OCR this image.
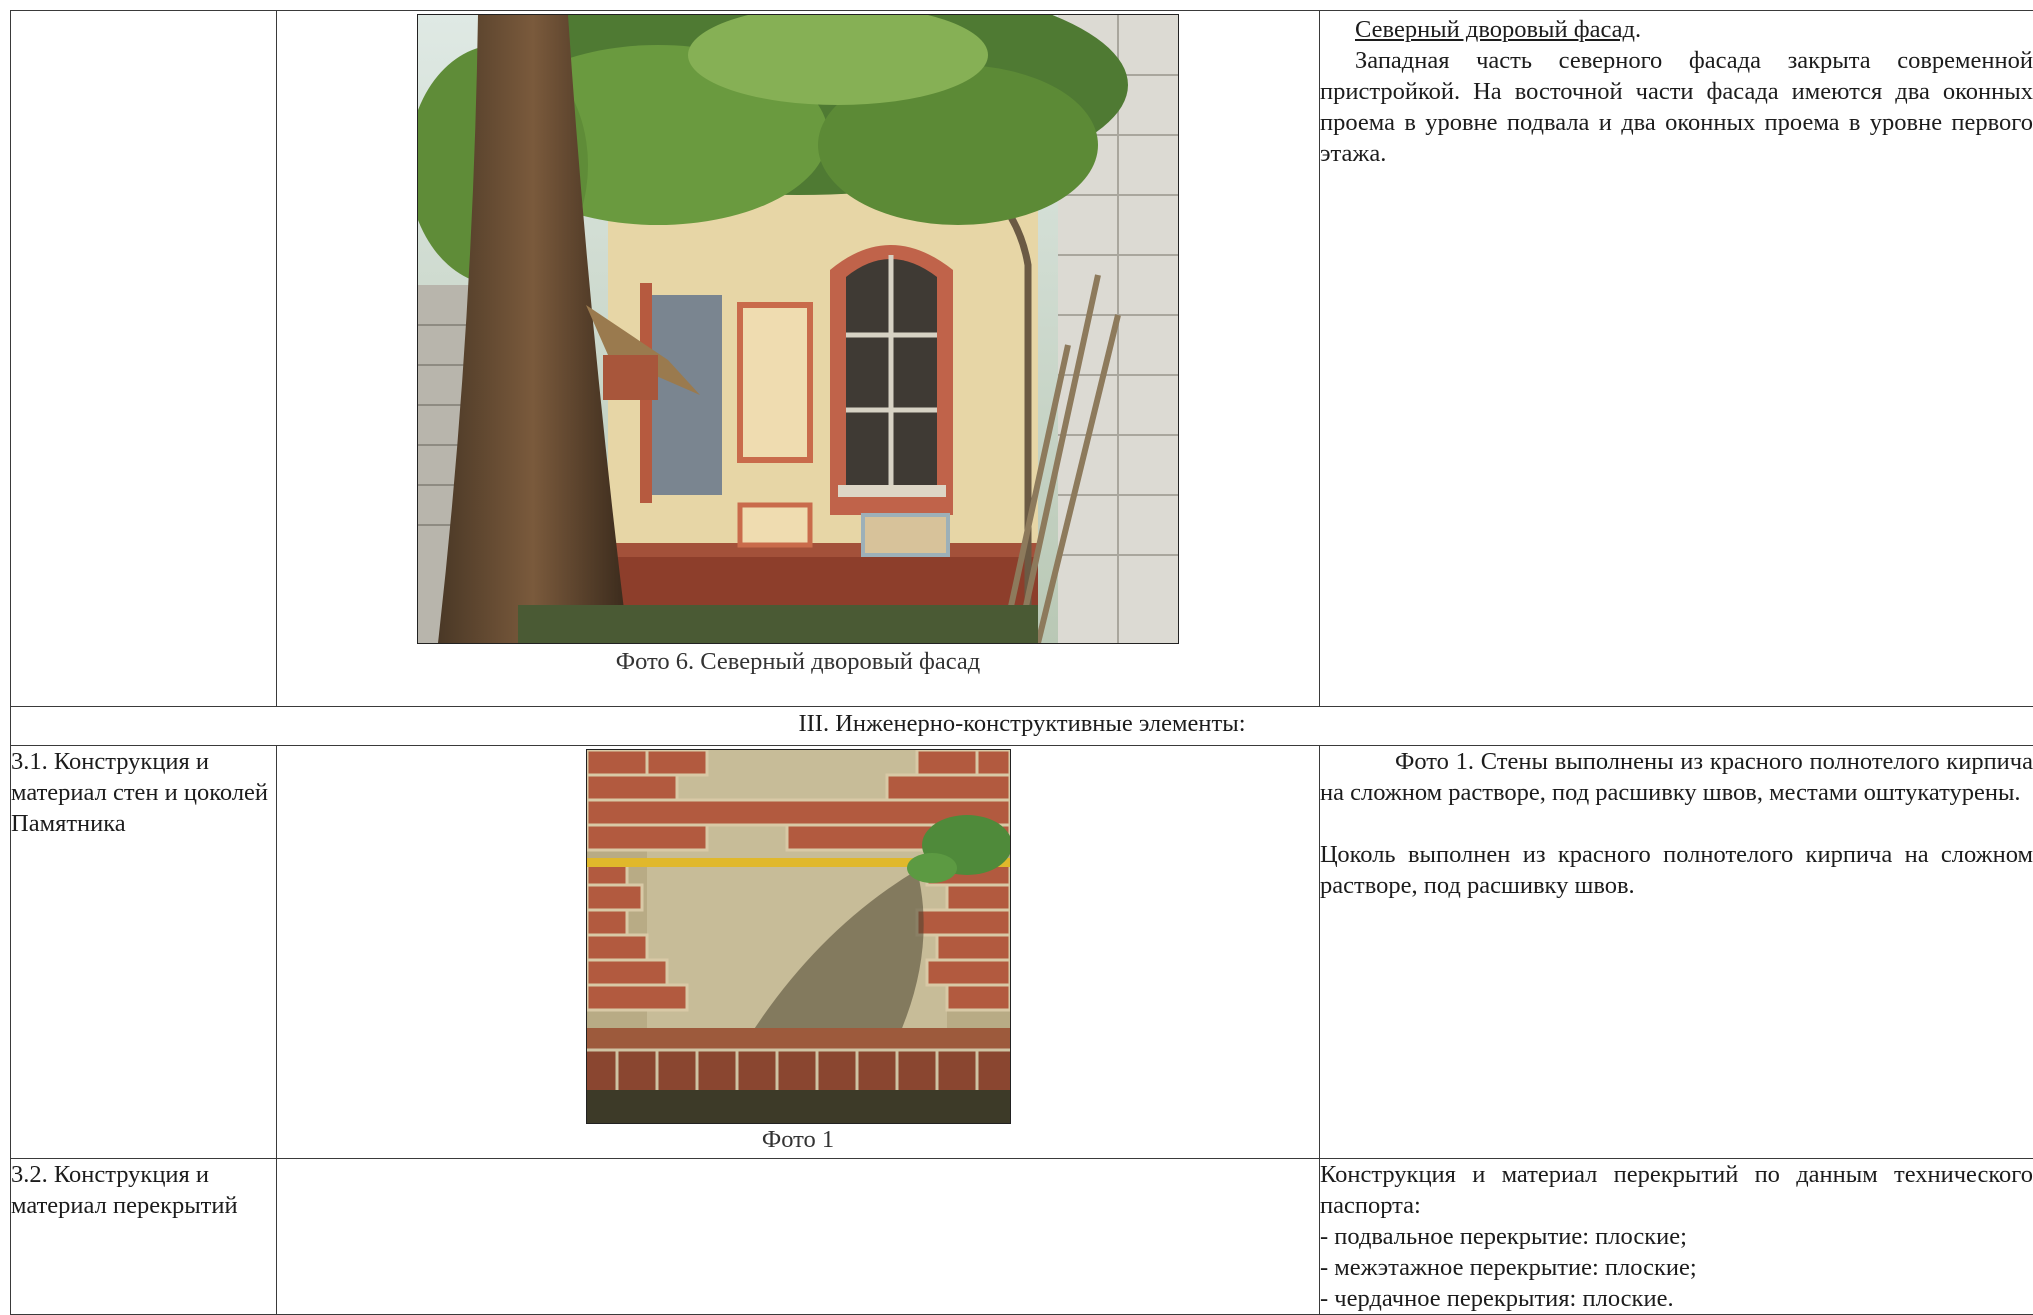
	Фото 6. Северный дворовый фасад	Северный дворовый фасад.

Западная часть северного фасада закрыта современной пристройкой. На восточной части фасада имеются два оконных проема в уровне подвала и два оконных проема в уровне первого этажа.

III. Инженерно-конструктивные элементы:		
3.1. Конструкция и материал стен и цоколей Памятника	Фото 1	Фото 1. Стены выполнены из красного полнотелого кирпича на сложном растворе, под расшивку швов, местами оштукатурены.

Цоколь выполнен из красного полнотелого кирпича на сложном растворе, под расшивку швов.

3.2. Конструкция и материал перекрытий		Конструкция и материал перекрытий по данным технического паспорта:

- подвальное перекрытие: плоские;

- межэтажное перекрытие: плоские;

- чердачное перекрытия: плоские.
